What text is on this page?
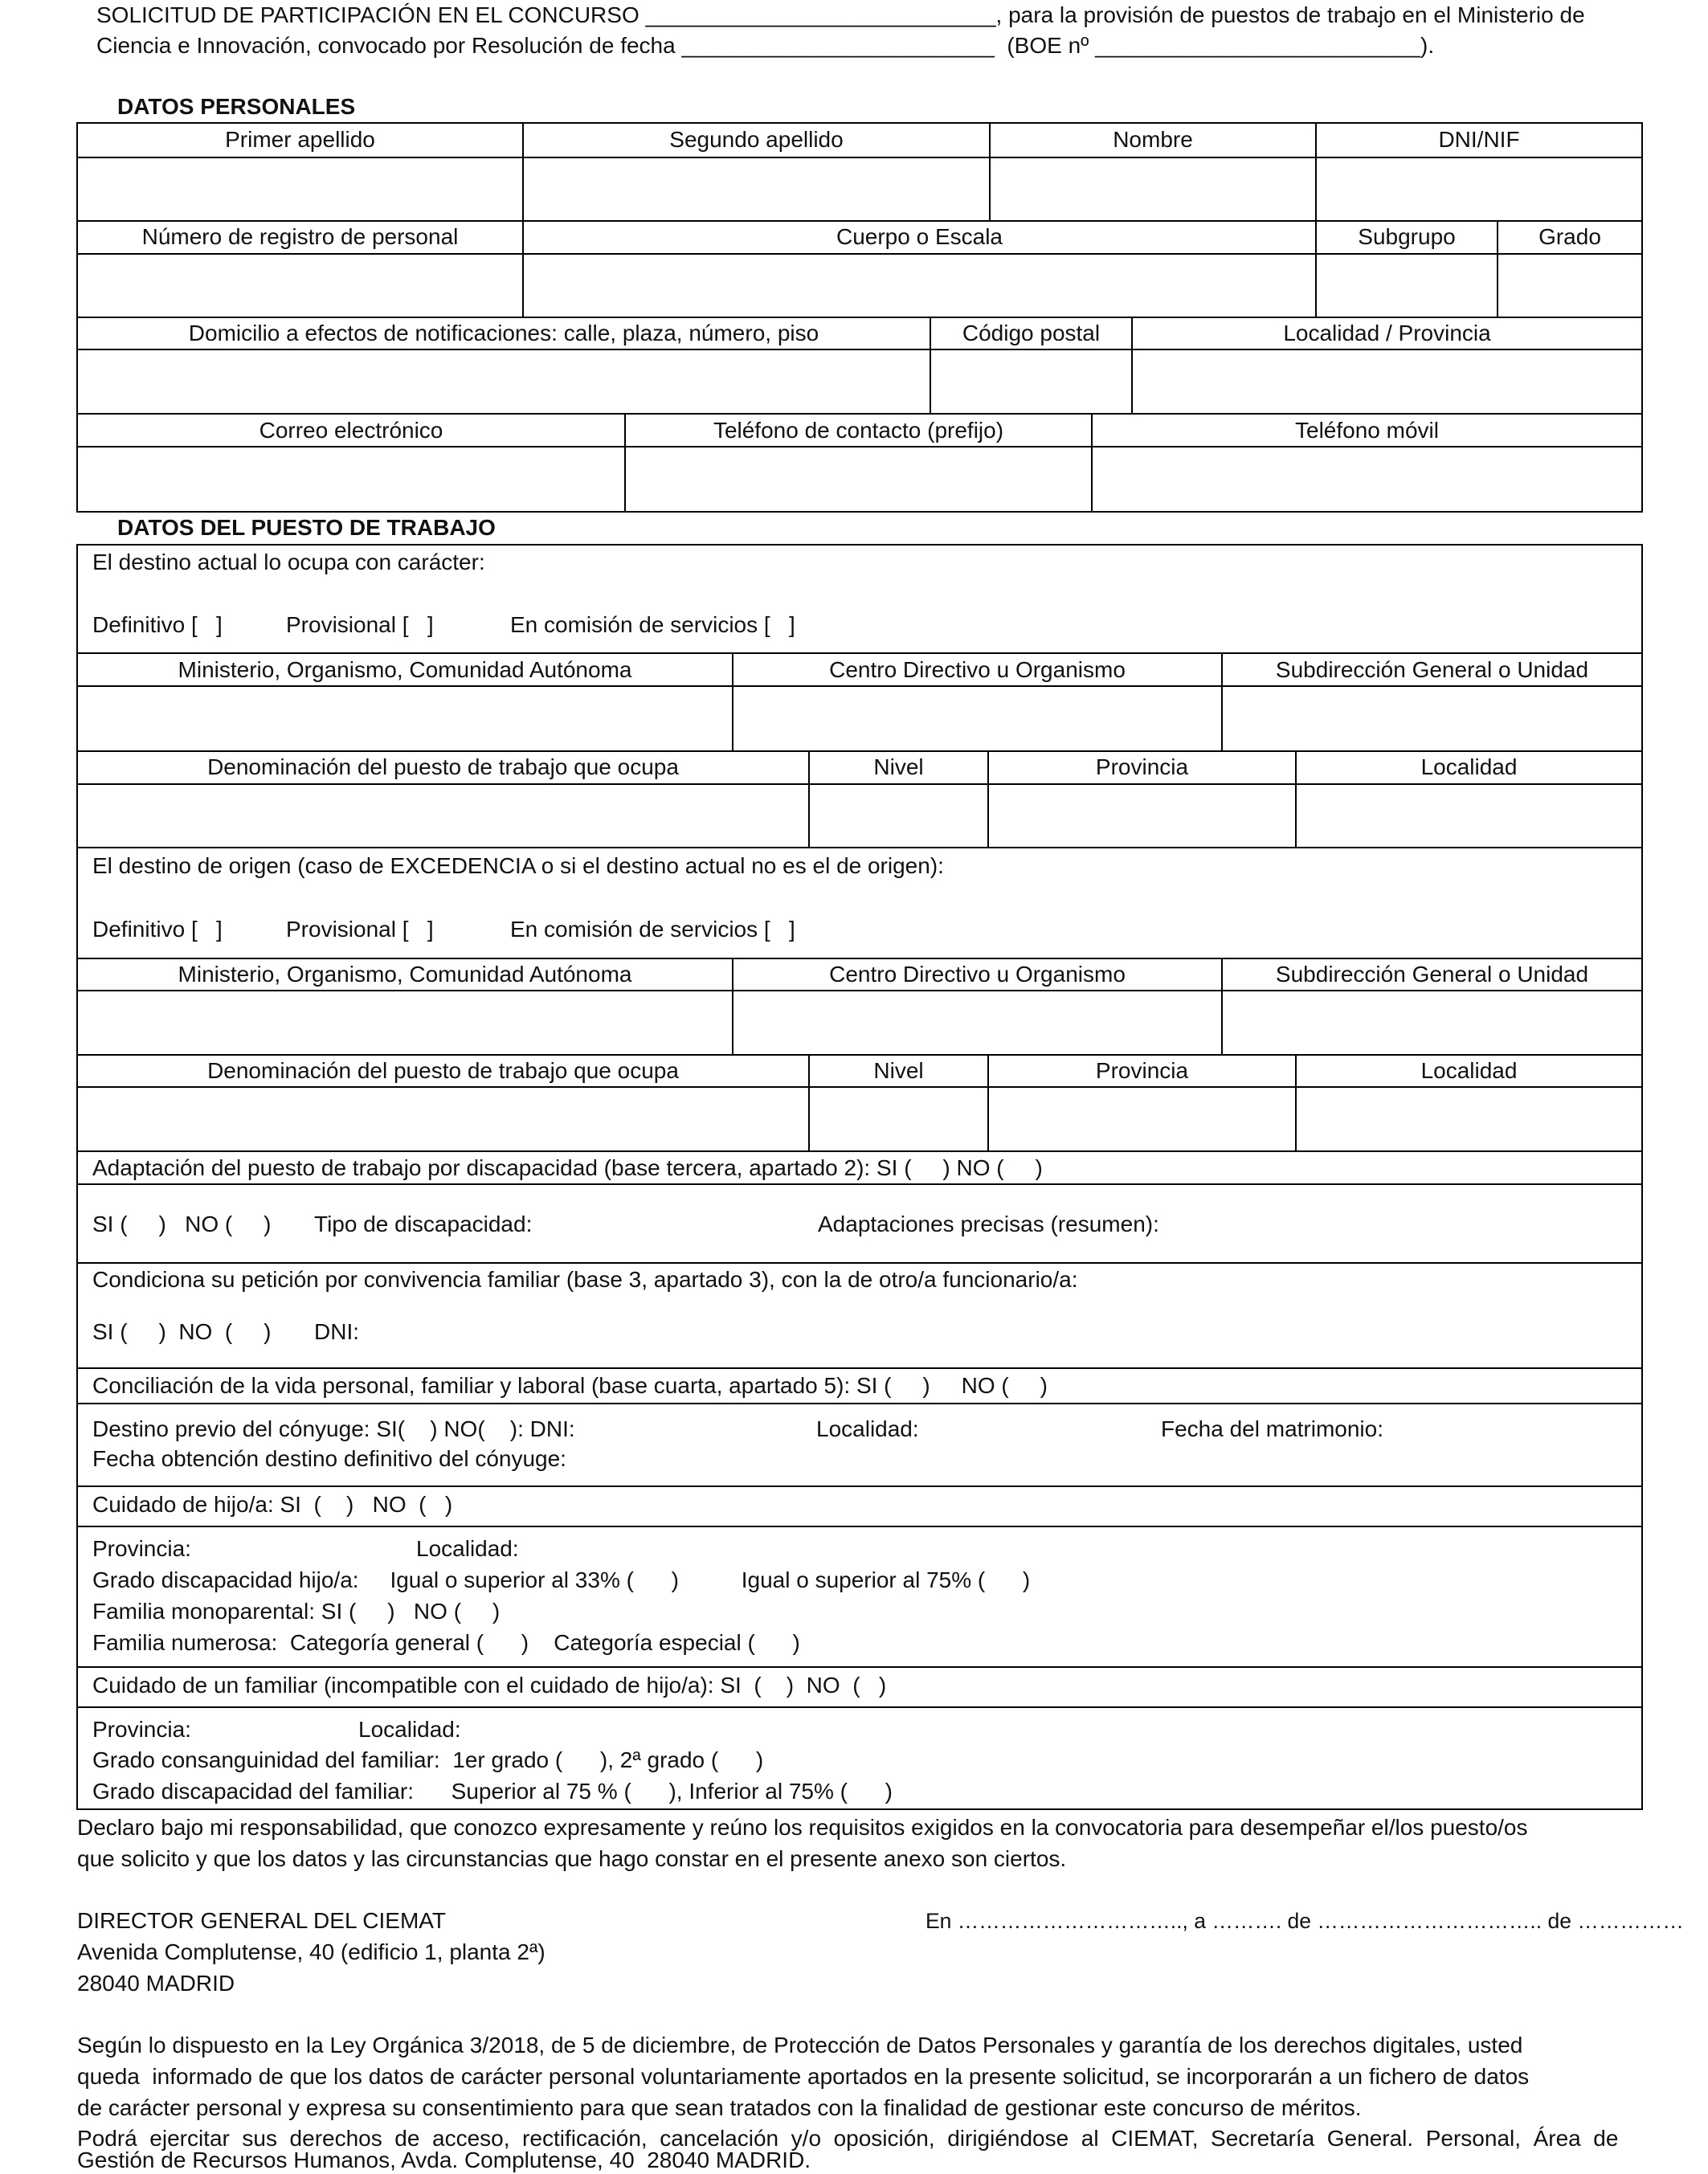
SOLICITUD DE PARTICIPACIÓN EN EL CONCURSO ____________________________, para la provisión de puestos de trabajo en el Ministerio de
Ciencia e Innovación, convocado por Resolución de fecha _________________________  (BOE nº __________________________).
DATOS PERSONALES
Primer apellido	Segundo apellido	Nombre	DNI/NIF
Número de registro de personal	Cuerpo o Escala	Subgrupo	Grado
Domicilio a efectos de notificaciones: calle, plaza, número, piso	Código postal	Localidad / Provincia
Correo electrónico	Teléfono de contacto (prefijo)	Teléfono móvil
DATOS DEL PUESTO DE TRABAJO
El destino actual lo ocupa con carácter:
Definitivo [   ]	Provisional [   ]	En comisión de servicios [   ]
Ministerio, Organismo, Comunidad Autónoma	Centro Directivo u Organismo	Subdirección General o Unidad
Denominación del puesto de trabajo que ocupa	Nivel	Provincia	Localidad
El destino de origen (caso de EXCEDENCIA o si el destino actual no es el de origen):
Definitivo [   ]	Provisional [   ]	En comisión de servicios [   ]
Ministerio, Organismo, Comunidad Autónoma	Centro Directivo u Organismo	Subdirección General o Unidad
Denominación del puesto de trabajo que ocupa	Nivel	Provincia	Localidad
Adaptación del puesto de trabajo por discapacidad (base tercera, apartado 2): SI (     ) NO (     )
SI (     )   NO (     ) Tipo de discapacidad:	Adaptaciones precisas (resumen):
Condiciona su petición por convivencia familiar (base 3, apartado 3), con la de otro/a funcionario/a:
SI (     )  NO  (     ) DNI:
Conciliación de la vida personal, familiar y laboral (base cuarta, apartado 5): SI (     )     NO (     )
Destino previo del cónyuge: SI(    ) NO(    ): DNI:	Localidad:	Fecha del matrimonio:
Fecha obtención destino definitivo del cónyuge:
Cuidado de hijo/a: SI  (    )   NO  (   )
Provincia:	Localidad:
Grado discapacidad hijo/a:     Igual o superior al 33% (      )          Igual o superior al 75% (      )
Familia monoparental: SI (     )   NO (     )
Familia numerosa:  Categoría general (      )    Categoría especial (      )
Cuidado de un familiar (incompatible con el cuidado de hijo/a): SI  (    )  NO  (   )
Provincia:	Localidad:
Grado consanguinidad del familiar:  1er grado (      ), 2ª grado (      )
Grado discapacidad del familiar:      Superior al 75 % (      ), Inferior al 75% (      )
Declaro bajo mi responsabilidad, que conozco expresamente y reúno los requisitos exigidos en la convocatoria para desempeñar el/los puesto/os
que solicito y que los datos y las circunstancias que hago constar en el presente anexo son ciertos.
DIRECTOR GENERAL DEL CIEMAT
Avenida Complutense, 40 (edificio 1, planta 2ª)
28040 MADRID
En ………………………….., a ………. de ………………………….. de ……………
Según lo dispuesto en la Ley Orgánica 3/2018, de 5 de diciembre, de Protección de Datos Personales y garantía de los derechos digitales, usted
queda  informado de que los datos de carácter personal voluntariamente aportados en la presente solicitud, se incorporarán a un fichero de datos
de carácter personal y expresa su consentimiento para que sean tratados con la finalidad de gestionar este concurso de méritos.
Podrá  ejercitar  sus  derechos  de  acceso,  rectificación,  cancelación  y/o  oposición,  dirigiéndose  al  CIEMAT,  Secretaría  General.  Personal,  Área  de
Gestión de Recursos Humanos, Avda. Complutense, 40  28040 MADRID.
